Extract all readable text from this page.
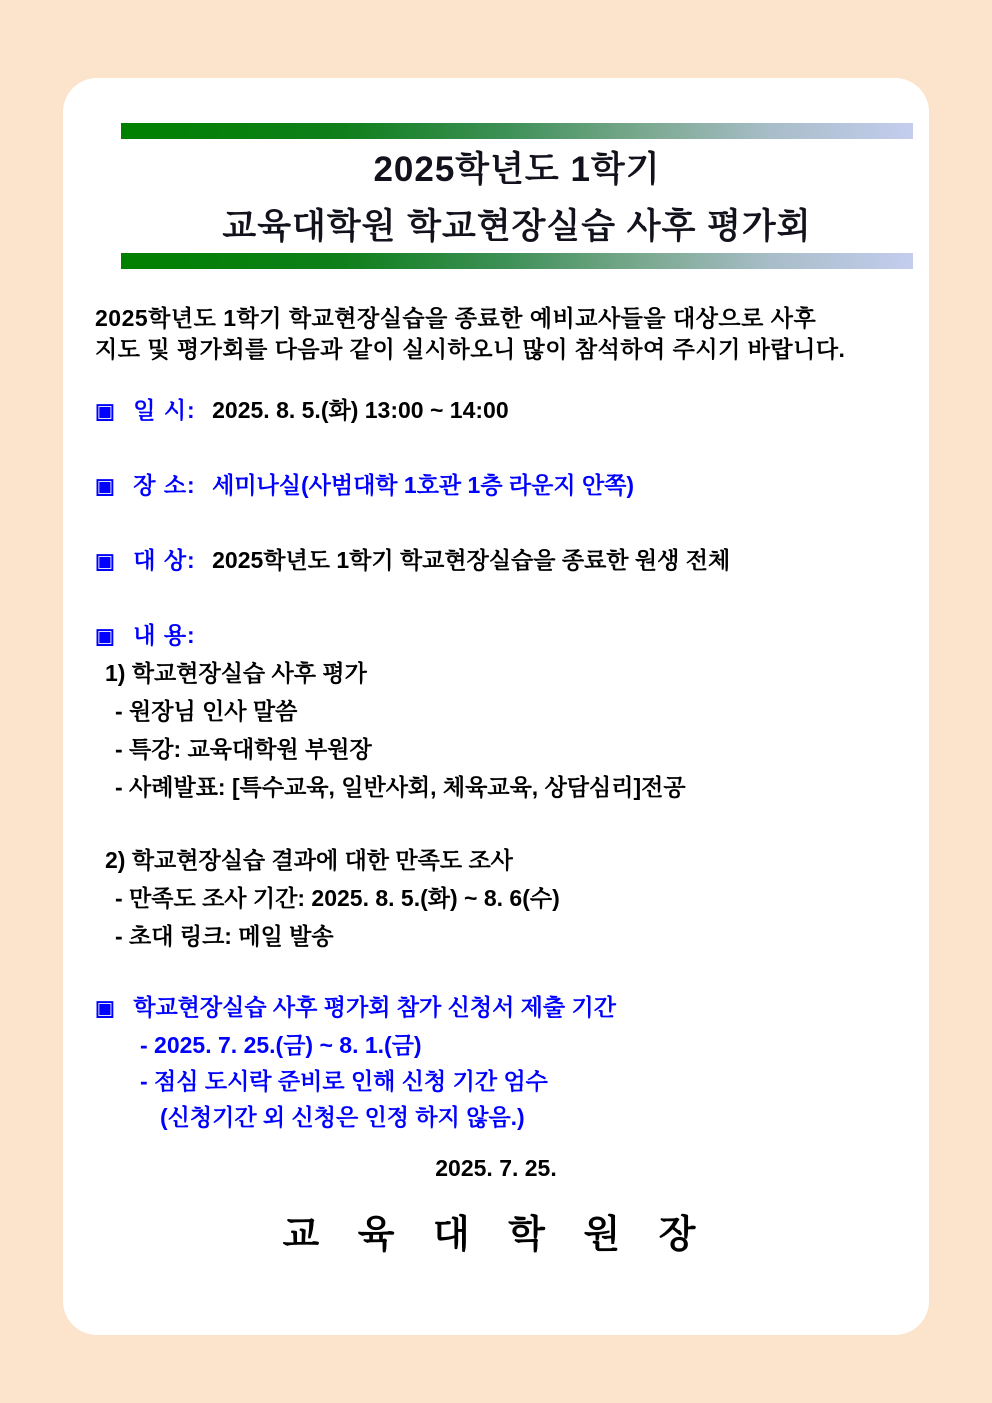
2025학년도 1학기
교육대학원 학교현장실습 사후 평가회
2025학년도 1학기 학교현장실습을 종료한 예비교사들을 대상으로 사후
지도 및 평가회를 다음과 같이 실시하오니 많이 참석하여 주시기 바랍니다.
▣ 일 시: 2025. 8. 5.(화) 13:00 ~ 14:00
▣ 장 소: 세미나실(사범대학 1호관 1층 라운지 안쪽)
▣ 대 상: 2025학년도 1학기 학교현장실습을 종료한 원생 전체
▣ 내 용:
1) 학교현장실습 사후 평가
- 원장님 인사 말씀
- 특강: 교육대학원 부원장
- 사례발표: [특수교육, 일반사회, 체육교육, 상담심리]전공
2) 학교현장실습 결과에 대한 만족도 조사
- 만족도 조사 기간: 2025. 8. 5.(화) ~ 8. 6(수)
- 초대 링크: 메일 발송
▣ 학교현장실습 사후 평가회 참가 신청서 제출 기간
- 2025. 7. 25.(금) ~ 8. 1.(금)
- 점심 도시락 준비로 인해 신청 기간 엄수
(신청기간 외 신청은 인정 하지 않음.)
2025. 7. 25.
교 육 대 학 원 장
